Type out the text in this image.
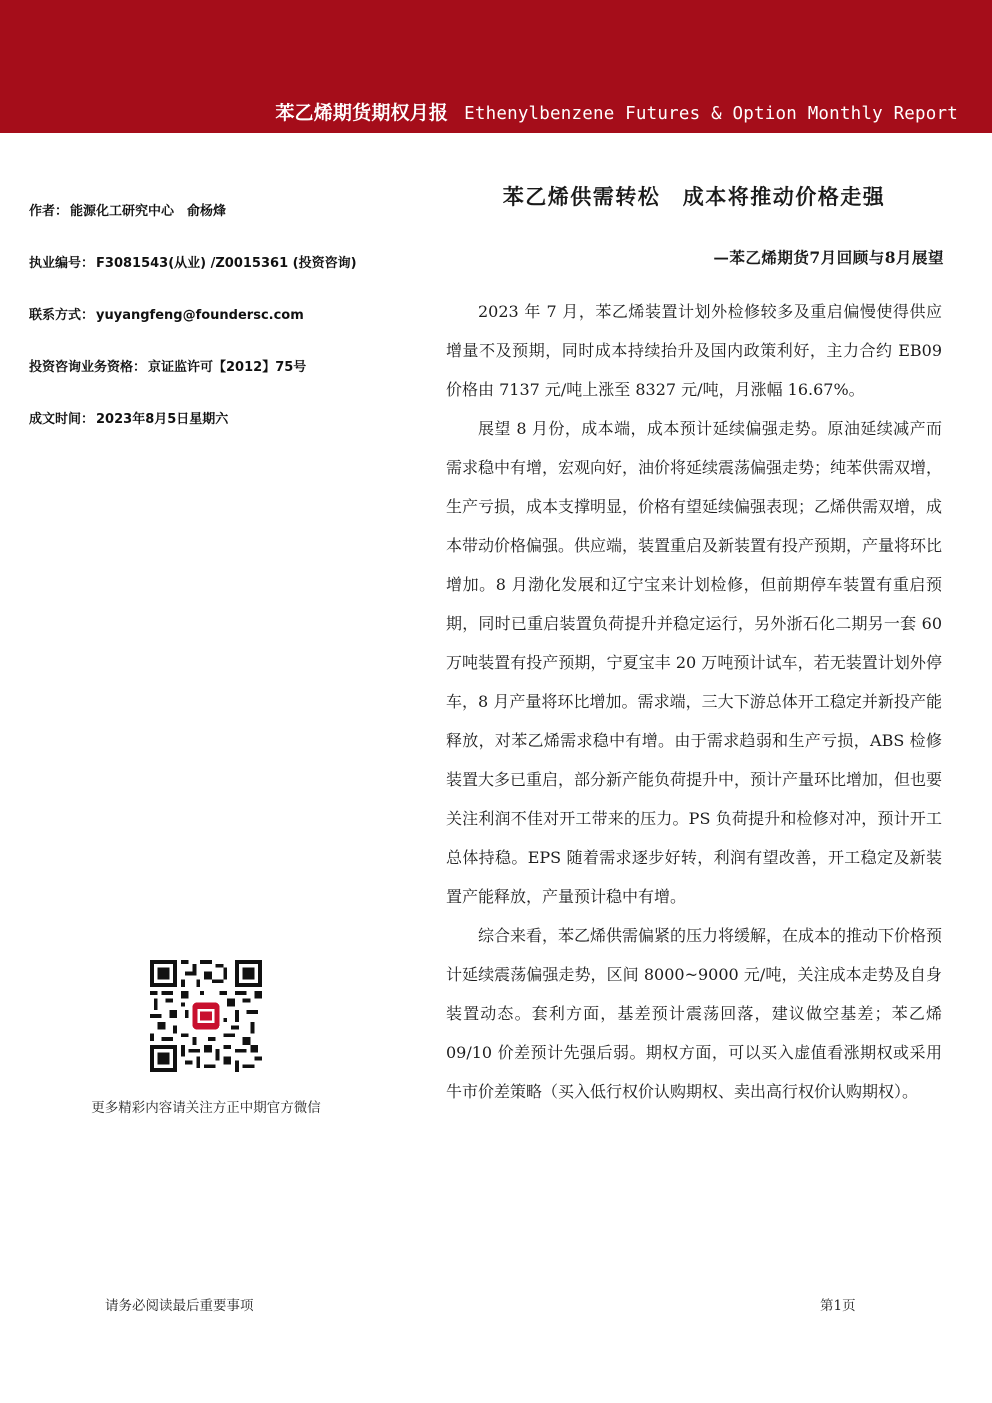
苯乙烯期货期权月报 Ethenylbenzene Futures & Option Monthly Report
作者： 能源化工研究中心　俞杨烽
执业编号： F3081543(从业) /Z0015361 (投资咨询)
联系方式： yuyangfeng@foundersc.com
投资咨询业务资格： 京证监许可【2012】75号
成文时间： 2023年8月5日星期六
更多精彩内容请关注方正中期官方微信
苯乙烯供需转松　成本将推动价格走强
—苯乙烯期货7月回顾与8月展望

2023 年 7 月，苯乙烯装置计划外检修较多及重启偏慢使得供应增量不及预期，同时成本持续抬升及国内政策利好，主力合约 EB09 价格由 7137 元/吨上涨至 8327 元/吨，月涨幅 16.67%。

展望 8 月份，成本端，成本预计延续偏强走势。原油延续减产而需求稳中有增，宏观向好，油价将延续震荡偏强走势；纯苯供需双增，生产亏损，成本支撑明显，价格有望延续偏强表现；乙烯供需双增，成本带动价格偏强。供应端，装置重启及新装置有投产预期，产量将环比增加。8 月渤化发展和辽宁宝来计划检修，但前期停车装置有重启预期，同时已重启装置负荷提升并稳定运行，另外浙石化二期另一套 60 万吨装置有投产预期，宁夏宝丰 20 万吨预计试车，若无装置计划外停车，8 月产量将环比增加。需求端，三大下游总体开工稳定并新投产能释放，对苯乙烯需求稳中有增。由于需求趋弱和生产亏损，ABS 检修装置大多已重启，部分新产能负荷提升中，预计产量环比增加，但也要关注利润不佳对开工带来的压力。PS 负荷提升和检修对冲，预计开工总体持稳。EPS 随着需求逐步好转，利润有望改善，开工稳定及新装置产能释放，产量预计稳中有增。

综合来看，苯乙烯供需偏紧的压力将缓解，在成本的推动下价格预计延续震荡偏强走势，区间 8000~9000 元/吨，关注成本走势及自身装置动态。套利方面，基差预计震荡回落，建议做空基差；苯乙烯 09/10 价差预计先强后弱。期权方面，可以买入虚值看涨期权或采用牛市价差策略（买入低行权价认购期权、卖出高行权价认购期权）。

请务必阅读最后重要事项	第1页
